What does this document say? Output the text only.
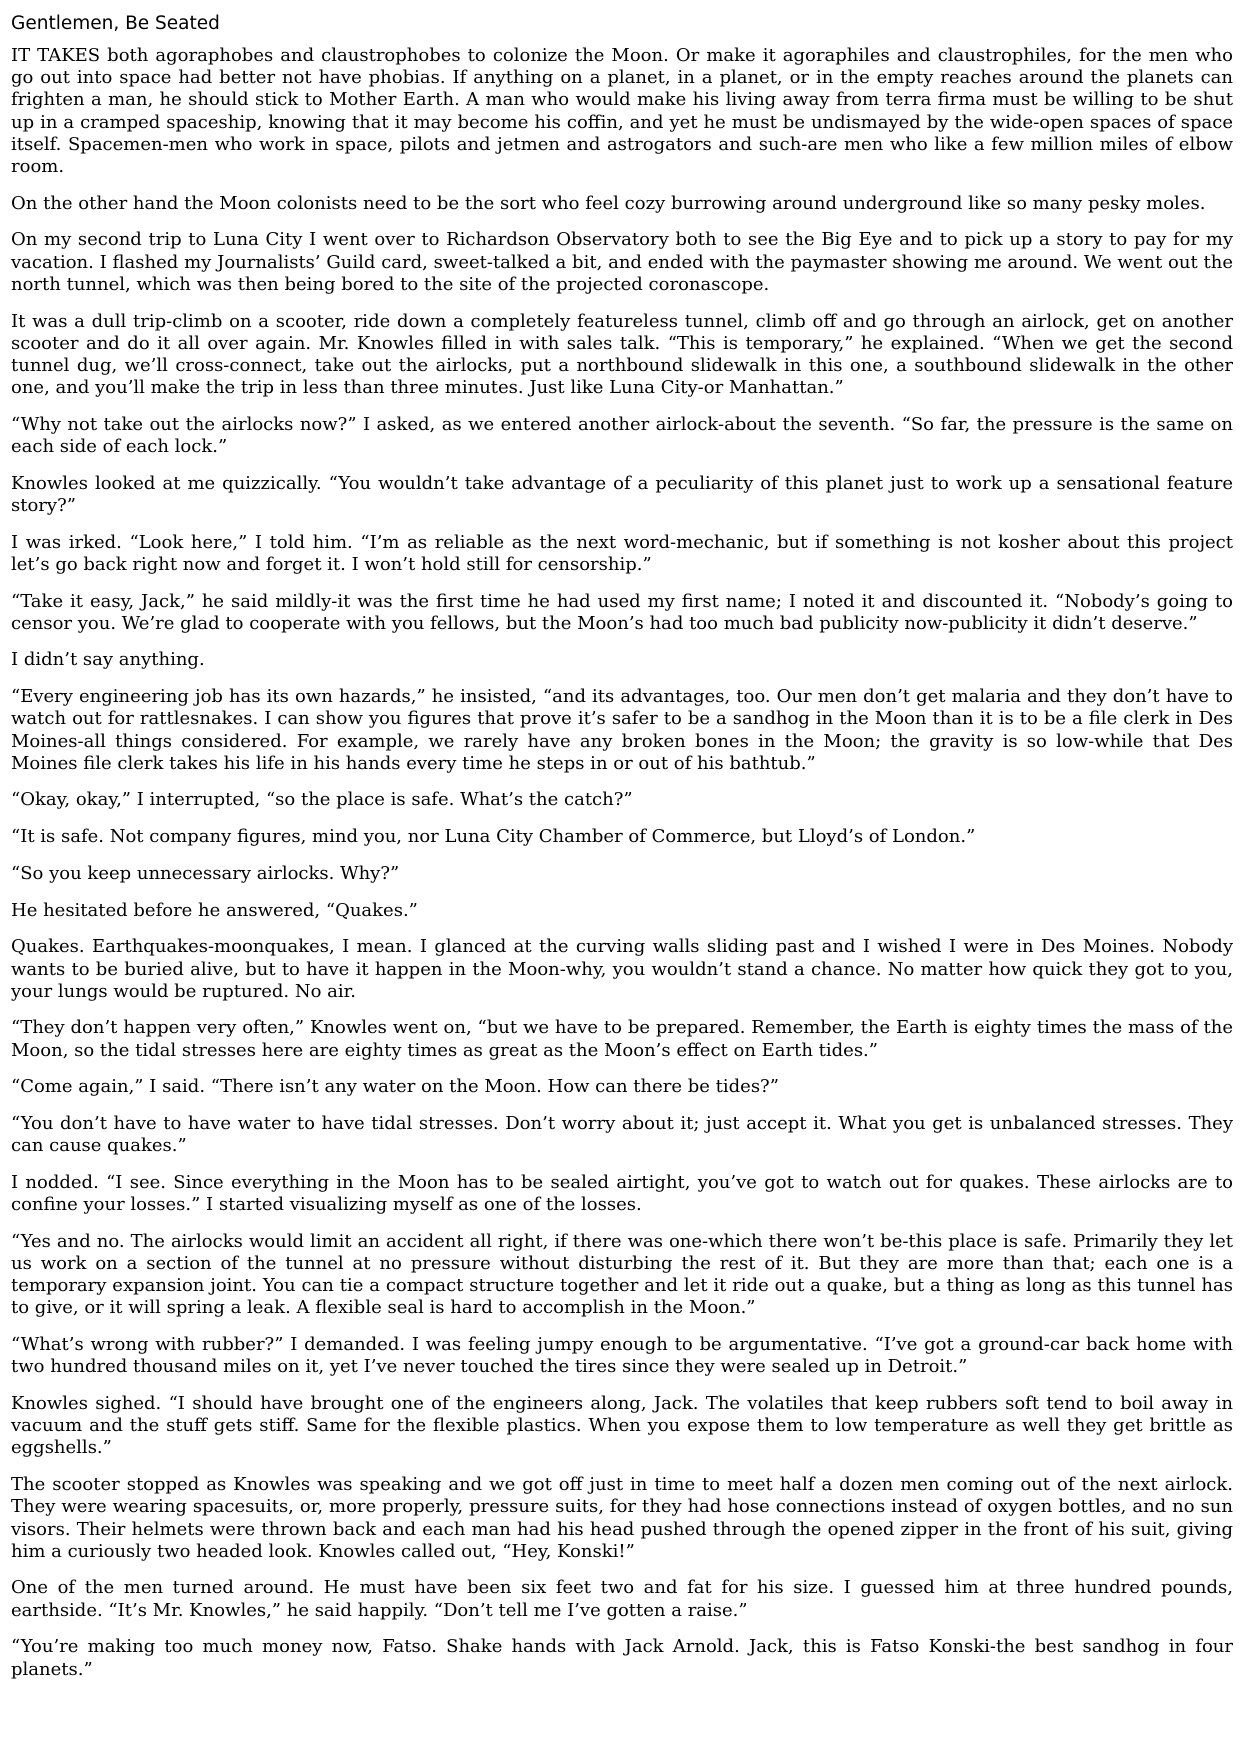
Gentlemen, Be Seated
IT TAKES both agoraphobes and claustrophobes to colonize the Moon. Or make it agoraphiles and claustrophiles, for the men who go out into space had better not have phobias. If anything on a planet, in a planet, or in the empty reaches around the planets can frighten a man, he should stick to Mother Earth. A man who would make his living away from terra firma must be willing to be shut up in a cramped spaceship, knowing that it may become his coffin, and yet he must be undismayed by the wide-open spaces of space itself. Spacemen-men who work in space, pilots and jetmen and astrogators and such-are men who like a few million miles of elbow room.
On the other hand the Moon colonists need to be the sort who feel cozy burrowing around underground like so many pesky moles.
On my second trip to Luna City I went over to Richardson Observatory both to see the Big Eye and to pick up a story to pay for my vacation. I flashed my Journalists’ Guild card, sweet-talked a bit, and ended with the paymaster showing me around. We went out the north tunnel, which was then being bored to the site of the projected coronascope.
It was a dull trip-climb on a scooter, ride down a completely featureless tunnel, climb off and go through an airlock, get on another scooter and do it all over again. Mr. Knowles filled in with sales talk. “This is temporary,” he explained. “When we get the second tunnel dug, we’ll cross-connect, take out the airlocks, put a northbound slidewalk in this one, a southbound slidewalk in the other one, and you’ll make the trip in less than three minutes. Just like Luna City-or Manhattan.”
“Why not take out the airlocks now?” I asked, as we entered another airlock-about the seventh. “So far, the pressure is the same on each side of each lock.”
Knowles looked at me quizzically. “You wouldn’t take advantage of a peculiarity of this planet just to work up a sensational feature story?”
I was irked. “Look here,” I told him. “I’m as reliable as the next word-mechanic, but if something is not kosher about this project let’s go back right now and forget it. I won’t hold still for censorship.”
“Take it easy, Jack,” he said mildly-it was the first time he had used my first name; I noted it and discounted it. “Nobody’s going to censor you. We’re glad to cooperate with you fellows, but the Moon’s had too much bad publicity now-publicity it didn’t deserve.”
I didn’t say anything.
“Every engineering job has its own hazards,” he insisted, “and its advantages, too. Our men don’t get malaria and they don’t have to watch out for rattlesnakes. I can show you figures that prove it’s safer to be a sandhog in the Moon than it is to be a file clerk in Des Moines-all things considered. For example, we rarely have any broken bones in the Moon; the gravity is so low-while that Des Moines file clerk takes his life in his hands every time he steps in or out of his bathtub.”
“Okay, okay,” I interrupted, “so the place is safe. What’s the catch?”
“It is safe. Not company figures, mind you, nor Luna City Chamber of Commerce, but Lloyd’s of London.”
“So you keep unnecessary airlocks. Why?”
He hesitated before he answered, “Quakes.”
Quakes. Earthquakes-moonquakes, I mean. I glanced at the curving walls sliding past and I wished I were in Des Moines. Nobody wants to be buried alive, but to have it happen in the Moon-why, you wouldn’t stand a chance. No matter how quick they got to you, your lungs would be ruptured. No air.
“They don’t happen very often,” Knowles went on, “but we have to be prepared. Remember, the Earth is eighty times the mass of the Moon, so the tidal stresses here are eighty times as great as the Moon’s effect on Earth tides.”
“Come again,” I said. “There isn’t any water on the Moon. How can there be tides?”
“You don’t have to have water to have tidal stresses. Don’t worry about it; just accept it. What you get is unbalanced stresses. They can cause quakes.”
I nodded. “I see. Since everything in the Moon has to be sealed airtight, you’ve got to watch out for quakes. These airlocks are to confine your losses.” I started visualizing myself as one of the losses.
“Yes and no. The airlocks would limit an accident all right, if there was one-which there won’t be-this place is safe. Primarily they let us work on a section of the tunnel at no pressure without disturbing the rest of it. But they are more than that; each one is a temporary expansion joint. You can tie a compact structure together and let it ride out a quake, but a thing as long as this tunnel has to give, or it will spring a leak. A flexible seal is hard to accomplish in the Moon.”
“What’s wrong with rubber?” I demanded. I was feeling jumpy enough to be argumentative. “I’ve got a ground-car back home with two hundred thousand miles on it, yet I’ve never touched the tires since they were sealed up in Detroit.”
Knowles sighed. “I should have brought one of the engineers along, Jack. The volatiles that keep rubbers soft tend to boil away in vacuum and the stuff gets stiff. Same for the flexible plastics. When you expose them to low temperature as well they get brittle as eggshells.”
The scooter stopped as Knowles was speaking and we got off just in time to meet half a dozen men coming out of the next airlock. They were wearing spacesuits, or, more properly, pressure suits, for they had hose connections instead of oxygen bottles, and no sun visors. Their helmets were thrown back and each man had his head pushed through the opened zipper in the front of his suit, giving him a curiously two headed look. Knowles called out, “Hey, Konski!”
One of the men turned around. He must have been six feet two and fat for his size. I guessed him at three hundred pounds, earthside. “It’s Mr. Knowles,” he said happily. “Don’t tell me I’ve gotten a raise.”
“You’re making too much money now, Fatso. Shake hands with Jack Arnold. Jack, this is Fatso Konski-the best sandhog in four planets.”
